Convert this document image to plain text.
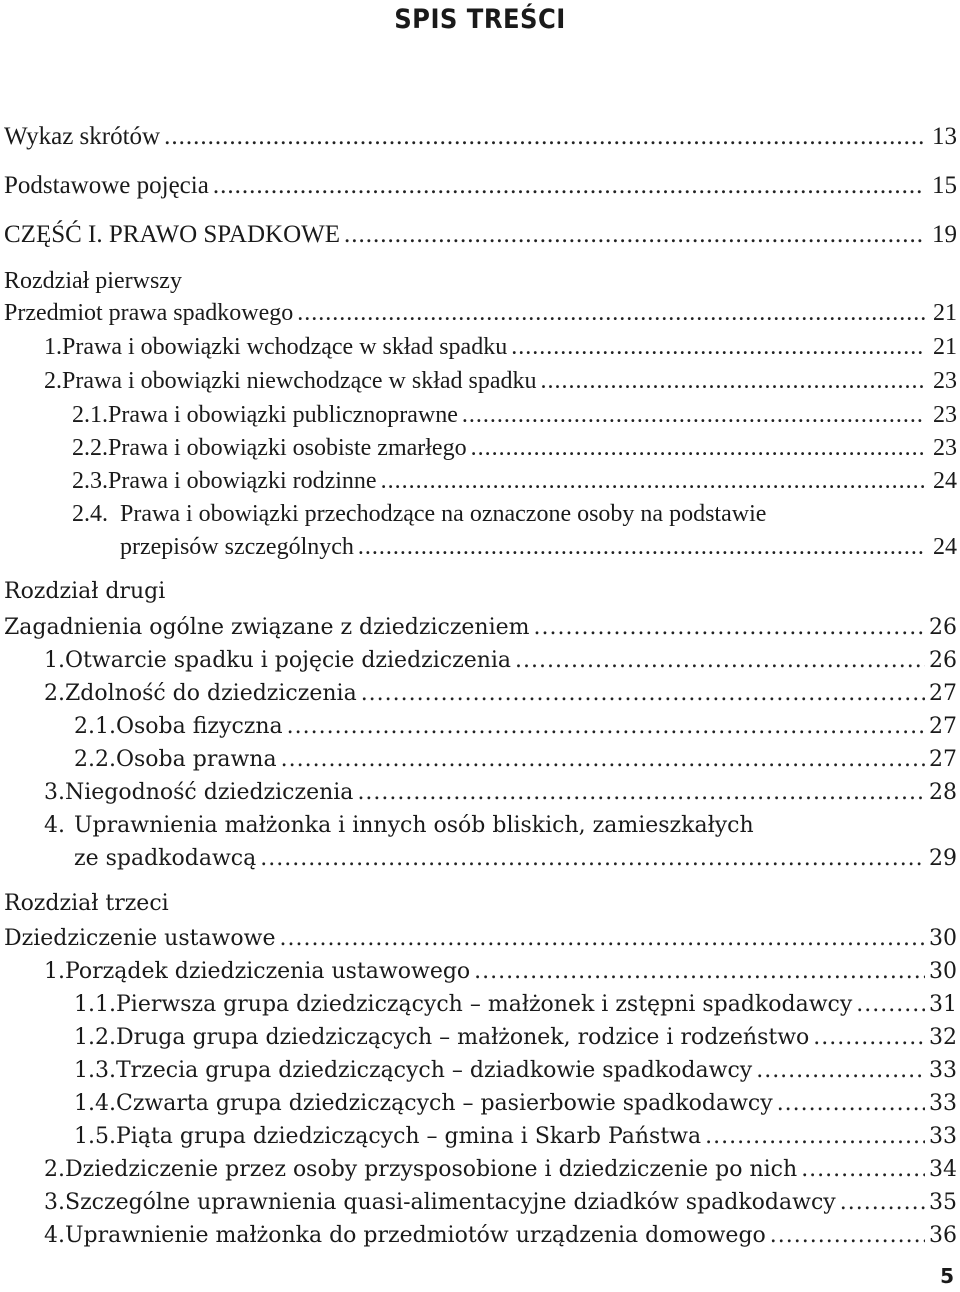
SPIS TREŚCI
Wykaz skrótów .....	13
Podstawowe pojęcia .....	15
CZĘŚĆ I. PRAWO SPADKOWE .....	19
Rozdział pierwszy
Przedmiot prawa spadkowego .....	21
1. Prawa i obowiązki wchodzące w skład spadku .....	21
2. Prawa i obowiązki niewchodzące w skład spadku .....	23
2.1. Prawa i obowiązki publicznoprawne .....	23
2.2. Prawa i obowiązki osobiste zmarłego .....	23
2.3. Prawa i obowiązki rodzinne .....	24
2.4. Prawa i obowiązki przechodzące na oznaczone osoby na podstawie
przepisów szczególnych .....	24
Rozdział drugi
Zagadnienia ogólne związane z dziedziczeniem .....	26
1. Otwarcie spadku i pojęcie dziedziczenia .....	26
2. Zdolność do dziedziczenia .....	27
2.1. Osoba fizyczna .....	27
2.2. Osoba prawna .....	27
3. Niegodność dziedziczenia .....	28
4. Uprawnienia małżonka i innych osób bliskich, zamieszkałych
ze spadkodawcą .....	29
Rozdział trzeci
Dziedziczenie ustawowe .....	30
1. Porządek dziedziczenia ustawowego .....	30
1.1. Pierwsza grupa dziedziczących – małżonek i zstępni spadkodawcy .....	31
1.2. Druga grupa dziedziczących – małżonek, rodzice i rodzeństwo .....	32
1.3. Trzecia grupa dziedziczących – dziadkowie spadkodawcy .....	33
1.4. Czwarta grupa dziedziczących – pasierbowie spadkodawcy .....	33
1.5. Piąta grupa dziedziczących – gmina i Skarb Państwa .....	33
2. Dziedziczenie przez osoby przysposobione i dziedziczenie po nich .....	34
3. Szczególne uprawnienia quasi-alimentacyjne dziadków spadkodawcy .....	35
4. Uprawnienie małżonka do przedmiotów urządzenia domowego .....	36
5
